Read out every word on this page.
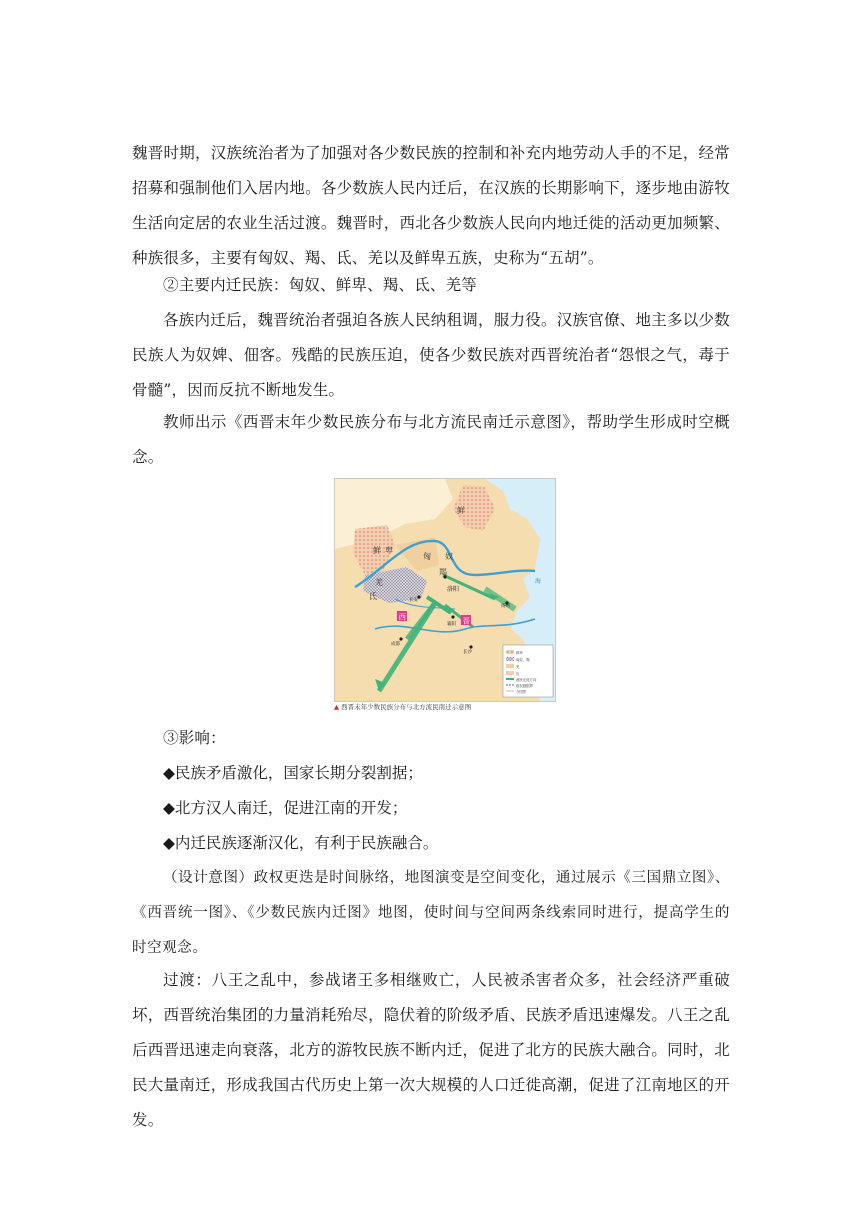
魏晋时期，汉族统治者为了加强对各少数民族的控制和补充内地劳动人手的不足，经常招募和强制他们入居内地。各少数族人民内迁后，在汉族的长期影响下，逐步地由游牧生活向定居的农业生活过渡。魏晋时，西北各少数族人民向内地迁徙的活动更加频繁、种族很多，主要有匈奴、羯、氐、羌以及鲜卑五族，史称为“五胡”。

②主要内迁民族：匈奴、鲜卑、羯、氐、羌等

各族内迁后，魏晋统治者强迫各族人民纳租调，服力役。汉族官僚、地主多以少数民族人为奴婢、佃客。残酷的民族压迫，使各少数民族对西晋统治者“怨恨之气，毒于骨髓”，因而反抗不断地发生。

教师出示《西晋末年少数民族分布与北方流民南迁示意图》，帮助学生形成时空概念。

鲜
鲜 卑
匈 奴
羯
羌
氐
洛阳
西	晋
长安
襄阳
成都
长沙
扬州
海
鲜卑
匈奴、羯
羌
氐
流民迁徙方向
政权割据界
今国界
▲ 西晋末年少数民族分布与北方流民南迁示意图

③影响：

◆民族矛盾激化，国家长期分裂割据；

◆北方汉人南迁，促进江南的开发；

◆内迁民族逐渐汉化，有利于民族融合。

（设计意图）政权更迭是时间脉络，地图演变是空间变化，通过展示《三国鼎立图》、《西晋统一图》、《少数民族内迁图》地图，使时间与空间两条线索同时进行，提高学生的时空观念。

过渡：八王之乱中，参战诸王多相继败亡，人民被杀害者众多，社会经济严重破坏，西晋统治集团的力量消耗殆尽，隐伏着的阶级矛盾、民族矛盾迅速爆发。八王之乱后西晋迅速走向衰落，北方的游牧民族不断内迁，促进了北方的民族大融合。同时，北民大量南迁，形成我国古代历史上第一次大规模的人口迁徙高潮，促进了江南地区的开发。
